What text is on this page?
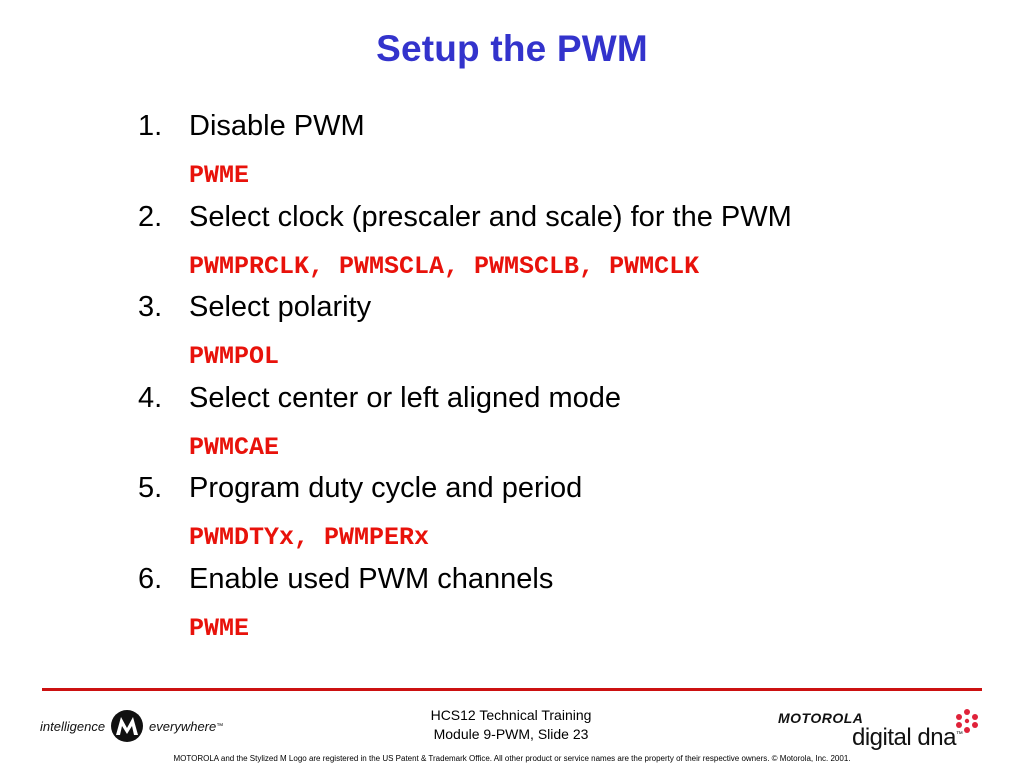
Setup the PWM
1. Disable PWM
PWME
2. Select clock (prescaler and scale) for the PWM
PWMPRCLK, PWMSCLA, PWMSCLB, PWMCLK
3. Select polarity
PWMPOL
4. Select center or left aligned mode
PWMCAE
5. Program duty cycle and period
PWMDTYx, PWMPERx
6. Enable used PWM channels
PWME
intelligence	everywhere ™
HCS12 Technical Training
Module 9-PWM, Slide 23
MOTOROLA
digital dna™
MOTOROLA and the Stylized M Logo are registered in the US Patent & Trademark Office. All other product or service names are the property of their respective owners. © Motorola, Inc. 2001.
